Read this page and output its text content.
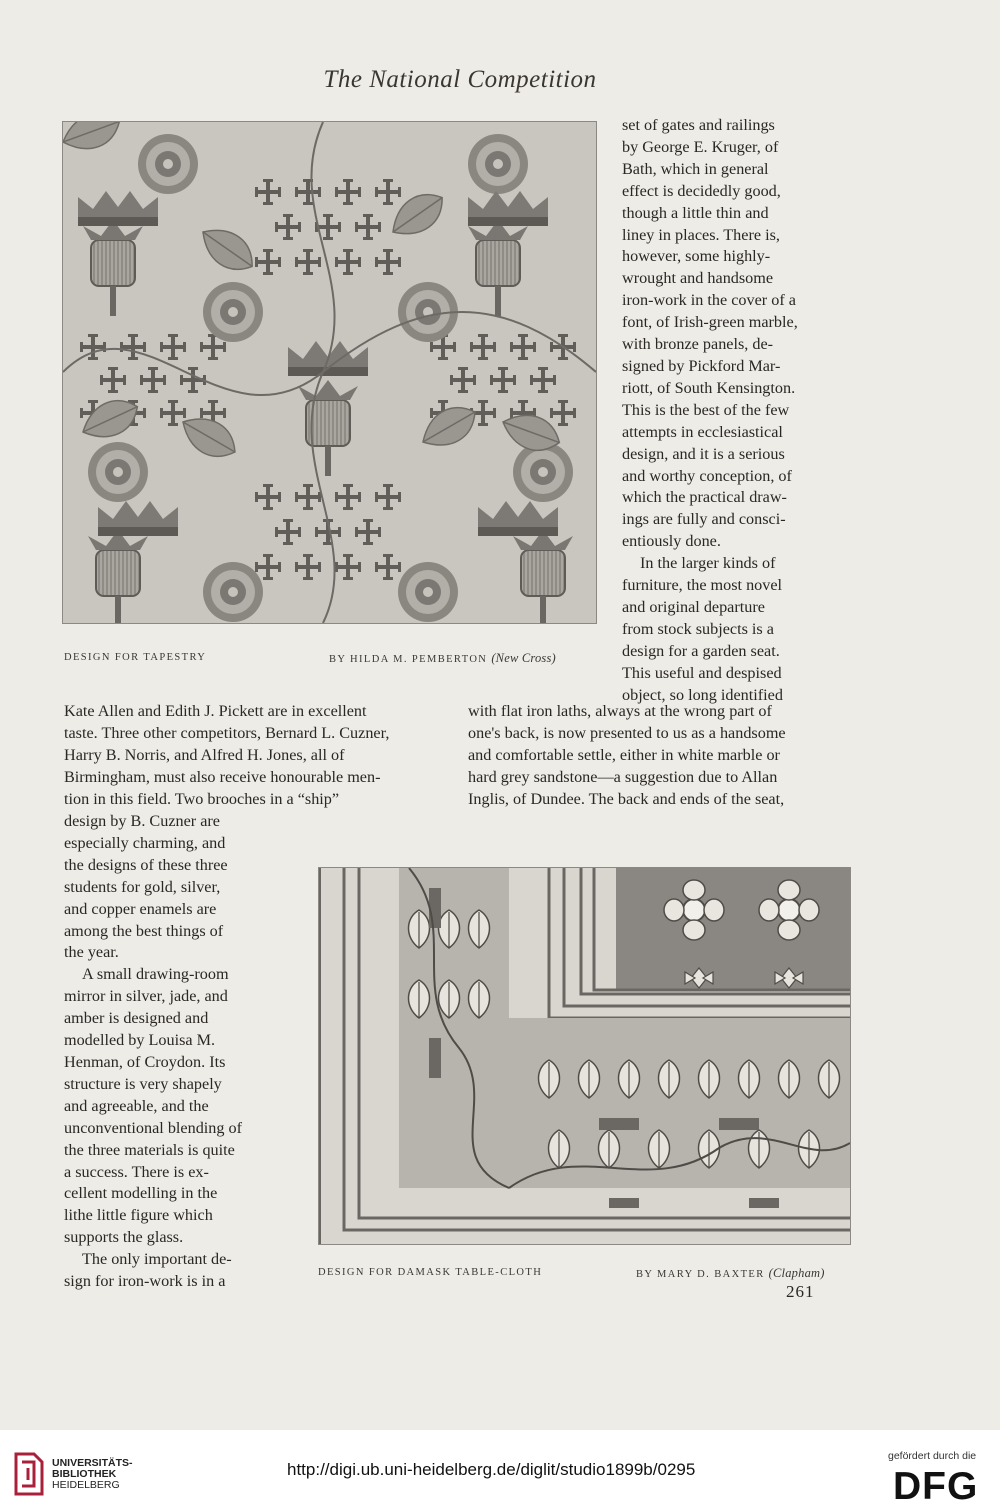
The National Competition
DESIGN FOR TAPESTRY	BY HILDA M. PEMBERTON (New Cross)

set of gates and railings
by George E. Kruger, of
Bath, which in general
effect is decidedly good,
though a little thin and
liney in places. There is,
however, some highly-
wrought and handsome
iron-work in the cover of a
font, of Irish-green marble,
with bronze panels, de-
signed by Pickford Mar-
riott, of South Kensington.
This is the best of the few
attempts in ecclesiastical
design, and it is a serious
and worthy conception, of
which the practical draw-
ings are fully and consci-
entiously done.

In the larger kinds of
furniture, the most novel
and original departure
from stock subjects is a
design for a garden seat.
This useful and despised
object, so long identified

Kate Allen and Edith J. Pickett are in excellent
taste. Three other competitors, Bernard L. Cuzner,
Harry B. Norris, and Alfred H. Jones, all of
Birmingham, must also receive honourable men-
tion in this field. Two brooches in a “ship”
with flat iron laths, always at the wrong part of
one's back, is now presented to us as a handsome
and comfortable settle, either in white marble or
hard grey sandstone—a suggestion due to Allan
Inglis, of Dundee. The back and ends of the seat,

design by B. Cuzner are
especially charming, and
the designs of these three
students for gold, silver,
and copper enamels are
among the best things of
the year.

A small drawing-room
mirror in silver, jade, and
amber is designed and
modelled by Louisa M.
Henman, of Croydon. Its
structure is very shapely
and agreeable, and the
unconventional blending of
the three materials is quite
a success. There is ex-
cellent modelling in the
lithe little figure which
supports the glass.

The only important de-
sign for iron-work is in a	DESIGN FOR DAMASK TABLE-CLOTH	BY MARY D. BAXTER (Clapham)
261
UNIVERSITÄTS-
BIBLIOTHEK
HEIDELBERG
http://digi.ub.uni-heidelberg.de/diglit/studio1899b/0295
gefördert durch die
DFG
